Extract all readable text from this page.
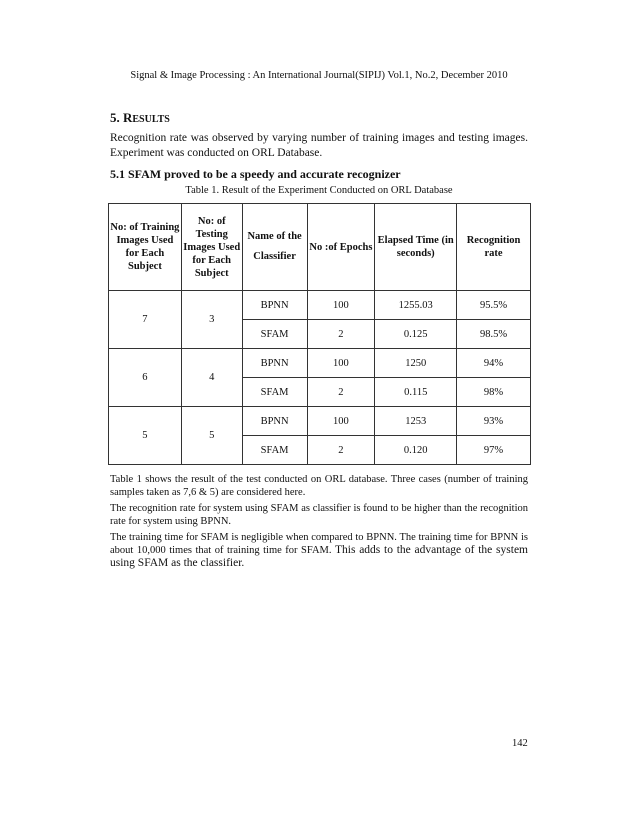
Signal & Image Processing : An International Journal(SIPIJ) Vol.1, No.2, December 2010
5. RESULTS
Recognition rate was observed by varying number of training images and testing images. Experiment was conducted on ORL Database.
5.1 SFAM proved to be a speedy and accurate recognizer
Table 1. Result of the Experiment Conducted on ORL Database
No: of Training Images Used for Each Subject	No: of Testing Images Used for Each Subject	Name of the Classifier	No :of Epochs	Elapsed Time (in seconds)	Recognition rate
7	3	BPNN	100	1255.03	95.5%
		SFAM	2	0.125	98.5%
6	4	BPNN	100	1250	94%
		SFAM	2	0.115	98%
5	5	BPNN	100	1253	93%
		SFAM	2	0.120	97%
Table 1 shows the result of the test conducted on ORL database. Three cases (number of training samples taken as 7,6 & 5) are considered here.
The recognition rate for system using SFAM as classifier is found to be higher than the recognition rate for system using BPNN.
The training time for SFAM is negligible when compared to BPNN. The training time for BPNN is about 10,000 times that of training time for SFAM. This adds to the advantage of the system using SFAM as the classifier.
142
